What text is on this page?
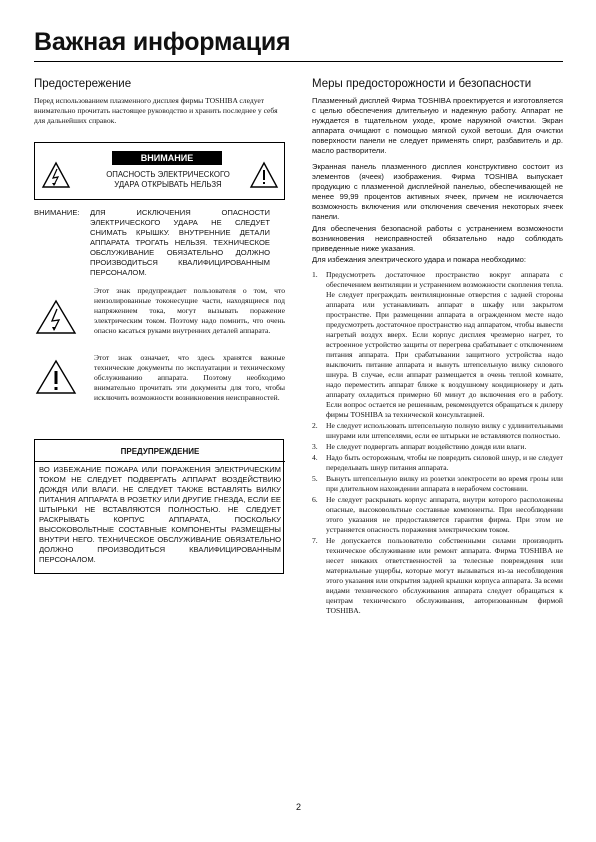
Важная информация
Предостережение
Перед использованием плазменного дисплея фирмы TOSHIBA следует внимательно прочитать настоящее руководство и хранить последнее у себя для дальнейших справок.
ВНИМАНИЕ
ОПАСНОСТЬ ЭЛЕКТРИЧЕСКОГО УДАРА ОТКРЫВАТЬ НЕЛЬЗЯ
ВНИМАНИЕ: ДЛЯ ИСКЛЮЧЕНИЯ ОПАСНОСТИ ЭЛЕКТРИЧЕСКОГО УДАРА НЕ СЛЕДУЕТ СНИМАТЬ КРЫШКУ. ВНУТРЕННИЕ ДЕТАЛИ АППАРАТА ТРОГАТЬ НЕЛЬЗЯ. ТЕХНИЧЕСКОЕ ОБСЛУЖИВАНИЕ ОБЯЗАТЕЛЬНО ДОЛЖНО ПРОИЗВОДИТЬСЯ КВАЛИФИЦИРОВАННЫМ ПЕРСОНАЛОМ.
Этот знак предупреждает пользователя о том, что неизолированные токонесущие части, находящиеся под напряжением тока, могут вызывать поражение электрическим током. Поэтому надо помнить, что очень опасно касаться руками внутренних деталей аппарата.
Этот знак означает, что здесь хранятся важные технические документы по эксплуатации и техническому обслуживанию аппарата. Поэтому необходимо внимательно прочитать эти документы для того, чтобы исключить возможности возникновения неисправностей.
ПРЕДУПРЕЖДЕНИЕ
ВО ИЗБЕЖАНИЕ ПОЖАРА ИЛИ ПОРАЖЕНИЯ ЭЛЕКТРИЧЕСКИМ ТОКОМ НЕ СЛЕДУЕТ ПОДВЕРГАТЬ АППАРАТ ВОЗДЕЙСТВИЮ ДОЖДЯ ИЛИ ВЛАГИ. НЕ СЛЕДУЕТ ТАКЖЕ ВСТАВЛЯТЬ ВИЛКУ ПИТАНИЯ АППАРАТА В РОЗЕТКУ ИЛИ ДРУГИЕ ГНЕЗДА, ЕСЛИ ЕЕ ШТЫРЬКИ НЕ ВСТАВЛЯЮТСЯ ПОЛНОСТЬЮ. НЕ СЛЕДУЕТ РАСКРЫВАТЬ КОРПУС АППАРАТА, ПОСКОЛЬКУ ВЫСОКОВОЛЬТНЫЕ СОСТАВНЫЕ КОМПОНЕНТЫ РАЗМЕЩЕНЫ ВНУТРИ НЕГО. ТЕХНИЧЕСКОЕ ОБСЛУЖИВАНИЕ ОБЯЗАТЕЛЬНО ДОЛЖНО ПРОИЗВОДИТЬСЯ КВАЛИФИЦИРОВАННЫМ ПЕРСОНАЛОМ.
Меры предосторожности и безопасности
Плазменный дисплей Фирма TOSHIBA проектируется и изготовляется с целью обеспечения длительную и надежную работу. Аппарат не нуждается в тщательном уходе, кроме наружной очистки. Экран аппарата очищают с помощью мягкой сухой ветоши. Для очистки поверхности панели не следует применять спирт, разбавитель и др. масло растворители.
Экранная панель плазменного дисплея конструктивно состоит из элементов (ячеек) изображения. Фирма TOSHIBA выпускает продукцию с плазменной дисплейной панелью, обеспечивающей не менее 99,99 процентов активных ячеек, причем не исключается возможность включения или отключения свечения некоторых ячеек панели.
Для обеспечения безопасной работы с устранением возможности возникновения неисправностей обязательно надо соблюдать приведенные ниже указания.
Для избежания электрического удара и пожара необходимо:
1. Предусмотреть достаточное пространство вокруг аппарата с обеспечением вентиляции и устранением возможности скопления тепла. Не следует преграждать вентиляционные отверстия с задней стороны аппарата или устанавливать аппарат в шкафу или закрытом пространстве. При размещении аппарата в огражденном месте надо предусмотреть достаточное пространство над аппаратом, чтобы вывести нагретый воздух вверх. Если корпус дисплея чрезмерно нагрет, то встроенное устройство защиты от перегрева срабатывает с отключением питания аппарата. При срабатывании защитного устройства надо выключить питание аппарата и вынуть штепсельную вилку силового шнура. В случае, если аппарат размещается в очень теплой комнате, надо переместить аппарат ближе к воздушному кондиционеру и дать аппарату охладиться примерно 60 минут до включения его в работу. Если вопрос остается не решенным, рекомендуется обращаться к дилеру фирмы TOSHIBA за технической консультацией.
2. Не следует использовать штепсельную полную вилку с удлинительными шнурами или штепселями, если ее штырьки не вставляются полностью.
3. Не следует подвергать аппарат воздействию дождя или влаги.
4. Надо быть осторожным, чтобы не повредить силовой шнур, и не следует передельвать шнур питания аппарата.
5. Вынуть штепсельную вилку из розетки электросети во время грозы или при длительном нахождении аппарата в нерабочем состоянии.
6. Не следует раскрывать корпус аппарата, внутри которого расположены опасные, высоковольтные составные компоненты. При несоблюдении этого указания не предоставляется гарантия фирма. При этом не устраняется опасность поражения электрическим током.
7. Не допускается пользователю собственными силами производить техническое обслуживание или ремонт аппарата. Фирма TOSHIBA не несет никаких ответственностей за телесные повреждения или материальные ущербы, которые могут вызываться из-за несоблюдения этого указания или открытия задней крышки корпуса аппарата. За всеми видами технического обслуживания аппарата следует обращаться к центрам технического обслуживания, авторизованным фирмой TOSHIBA.
2
